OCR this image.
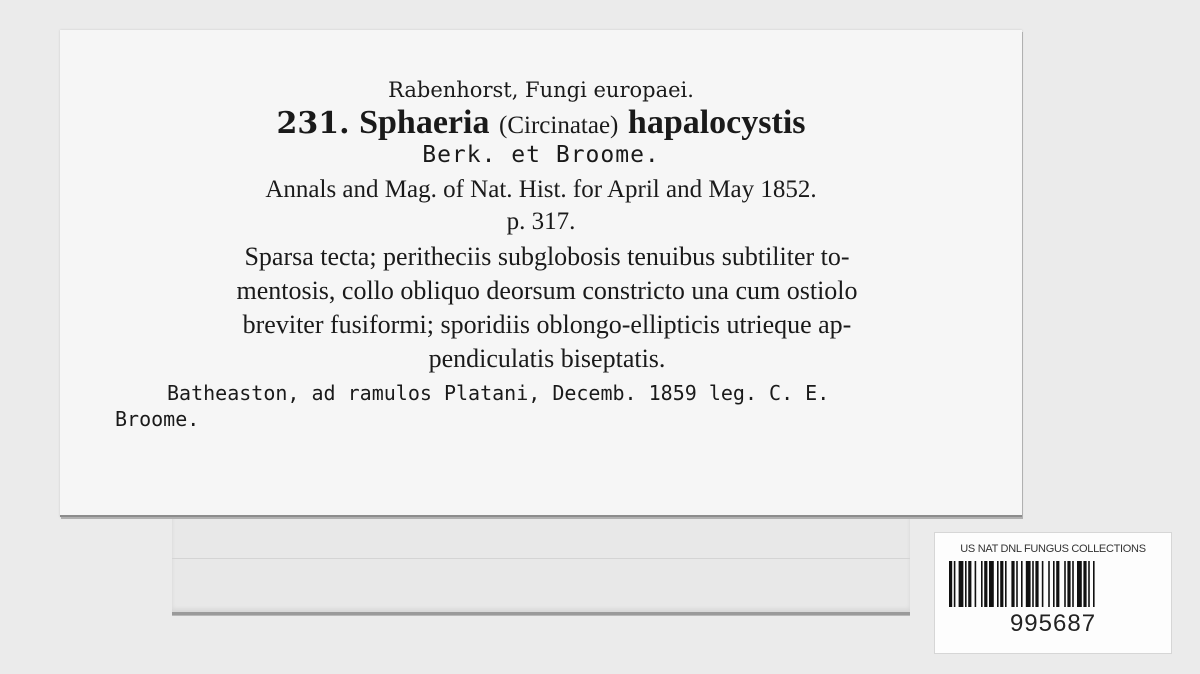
Rabenhorst, Fungi europaei.
231. Sphaeria (Circinatae) hapalocystis
Berk. et Broome.
Annals and Mag. of Nat. Hist. for April and May 1852.
p. 317.
Sparsa tecta; peritheciis subglobosis tenuibus subtiliter to-
mentosis, collo obliquo deorsum constricto una cum ostiolo
breviter fusiformi; sporidiis oblongo-ellipticis utrieque ap-
pendiculatis biseptatis.
Batheaston, ad ramulos Platani, Decemb. 1859 leg. C. E.
Broome.
US NAT DNL FUNGUS COLLECTIONS
995687
